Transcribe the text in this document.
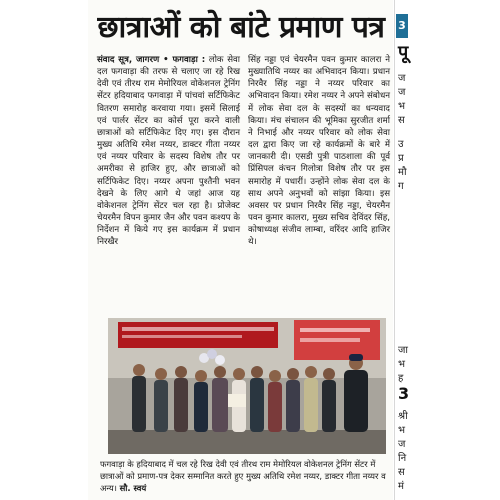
छात्राओं को बांटे प्रमाण पत्र

संवाद सूत्र, जागरण • फगवाड़ा : लोक सेवा दल फगवाड़ा की तरफ से चलाए जा रहे रिख देवी एवं तीरथ राम मेमोरियल वोकेशनल ट्रेनिंग सेंटर हदियाबाद फगवाड़ा में पांचवां सर्टिफिकेट वितरण समारोह करवाया गया। इसमें सिलाई एवं पार्लर सेंटर का कोर्स पूरा करने वाली छात्राओं को सर्टिफिकेट दिए गए। इस दौरान मुख्य अतिथि रमेश नय्यर, डाक्टर गीता नय्यर एवं नय्यर परिवार के सदस्य विशेष तौर पर अमरीका से हाजिर हुए, और छात्राओं को सर्टिफिकेट दिए। नय्यर अपना पुश्तैनी भवन देखने के लिए आगे थे जहां आज यह वोकेशनल ट्रेनिंग सेंटर चल रहा है। प्रोजेक्ट चेयरमैन विपन कुमार जैन और पवन कश्यप के निर्देशन में किये गए इस कार्यक्रम में प्रधान निरखैर

सिंह नड्डा एवं चेयरमैन पवन कुमार कालरा ने मुख्यातिथि नय्यर का अभिवादन किया। प्रधान निरवैर सिंह नड्डा ने नय्यर परिवार का अभिवादन किया। रमेश नय्यर ने अपने संबोधन में लोक सेवा दल के सदस्यों का धन्यवाद किया। मंच संचालन की भूमिका सुरजीत शर्मा ने निभाई और नय्यर परिवार को लोक सेवा दल द्वारा किए जा रहे कार्यक्रमों के बारे में जानकारी दी। एसडी पुत्री पाठशाला की पूर्व प्रिंसिपल कंचन गिलोत्रा विशेष तौर पर इस समारोह में पधारीं। उन्होंने लोक सेवा दल के साथ अपने अनुभवों को सांझा किया। इस अवसर पर प्रधान निरवैर सिंह नड्डा, चेयरमैन पवन कुमार कालरा, मुख्य सचिव देविंदर सिंह, कोषाध्यक्ष संजीव लाम्बा, वरिंदर आदि हाजिर थे।

फगवाड़ा के हदियाबाद में चल रहे रिख देवी एवं तीरथ राम मेमोरियल वोकेशनल ट्रेनिंग सेंटर में छात्राओं को प्रमाण-पत्र देकर सम्मानित करते हुए मुख्य अतिथि रमेश नय्यर, डाक्टर गीता नय्यर व अन्य। सौ. स्वयं
3
पू
ज
ज
भ
स
उ
प्र
मौ
ग
जा
भ
ह
3
श्री
भ
ज
नि
स
मं
